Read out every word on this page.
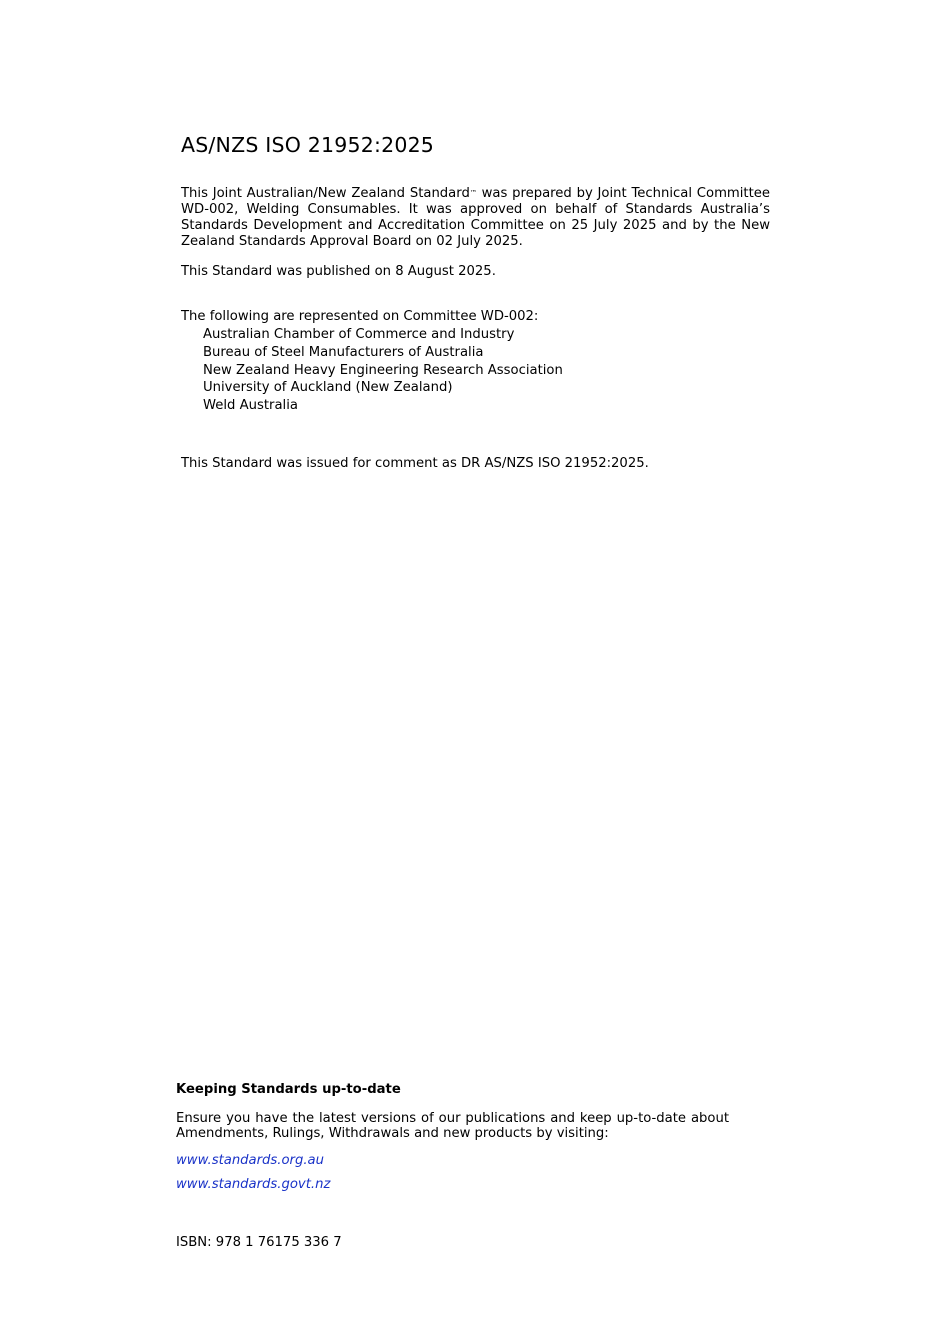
AS/NZS ISO 21952:2025
This Joint Australian/New Zealand Standard™ was prepared by Joint Technical Committee WD-002, Welding Consumables. It was approved on behalf of Standards Australia’s Standards Development and Accreditation Committee on 25 July 2025 and by the New Zealand Standards Approval Board on 02 July 2025.
This Standard was published on 8 August 2025.
The following are represented on Committee WD-002:
Australian Chamber of Commerce and Industry
Bureau of Steel Manufacturers of Australia
New Zealand Heavy Engineering Research Association
University of Auckland (New Zealand)
Weld Australia
This Standard was issued for comment as DR AS/NZS ISO 21952:2025.
Keeping Standards up-to-date
Ensure you have the latest versions of our publications and keep up-to-date about Amendments, Rulings, Withdrawals and new products by visiting:
www.standards.org.au
www.standards.govt.nz
ISBN: 978 1 76175 336 7
